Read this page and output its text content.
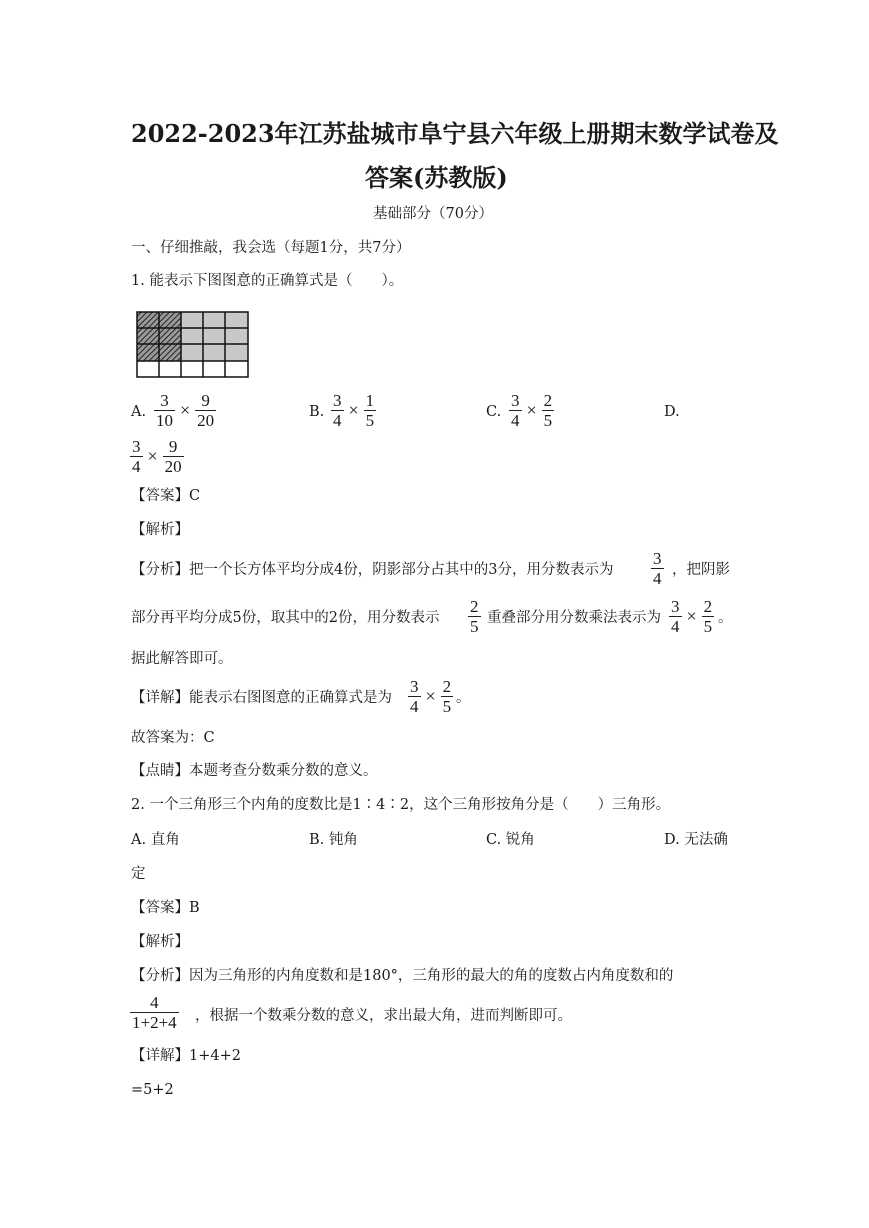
2022-2023年江苏盐城市阜宁县六年级上册期末数学试卷及
答案(苏教版)
基础部分（70分）
一、仔细推敲，我会选（每题1分，共7分）
1. 能表示下图图意的正确算式是（　　）。
A. $\frac{3}{10} \times \frac{9}{20}$	B. $\frac{3}{4} \times \frac{1}{5}$	C. $\frac{3}{4} \times \frac{2}{5}$	D.
$\frac{3}{4} \times \frac{9}{20}$
【答案】C
【解析】
【分析】把一个长方体平均分成4份，阴影部分占其中的3分，用分数表示为 $\frac{3}{4}$ ，把阴影
部分再平均分成5份，取其中的2份，用分数表示 $\frac{2}{5}$ 重叠部分用分数乘法表示为 $\frac{3}{4} \times \frac{2}{5}$ 。
据此解答即可。
【详解】能表示右图图意的正确算式是为 $\frac{3}{4} \times \frac{2}{5}$ 。
故答案为：C
【点睛】本题考查分数乘分数的意义。
2. 一个三角形三个内角的度数比是1∶4∶2，这个三角形按角分是（　　）三角形。
A. 直角	B. 钝角	C. 锐角	D. 无法确
定
【答案】B
【解析】
【分析】因为三角形的内角度数和是180°，三角形的最大的角的度数占内角度数和的
$\frac{4}{1+2+4}$ ，根据一个数乘分数的意义，求出最大角，进而判断即可。
【详解】1+4+2
=5+2
